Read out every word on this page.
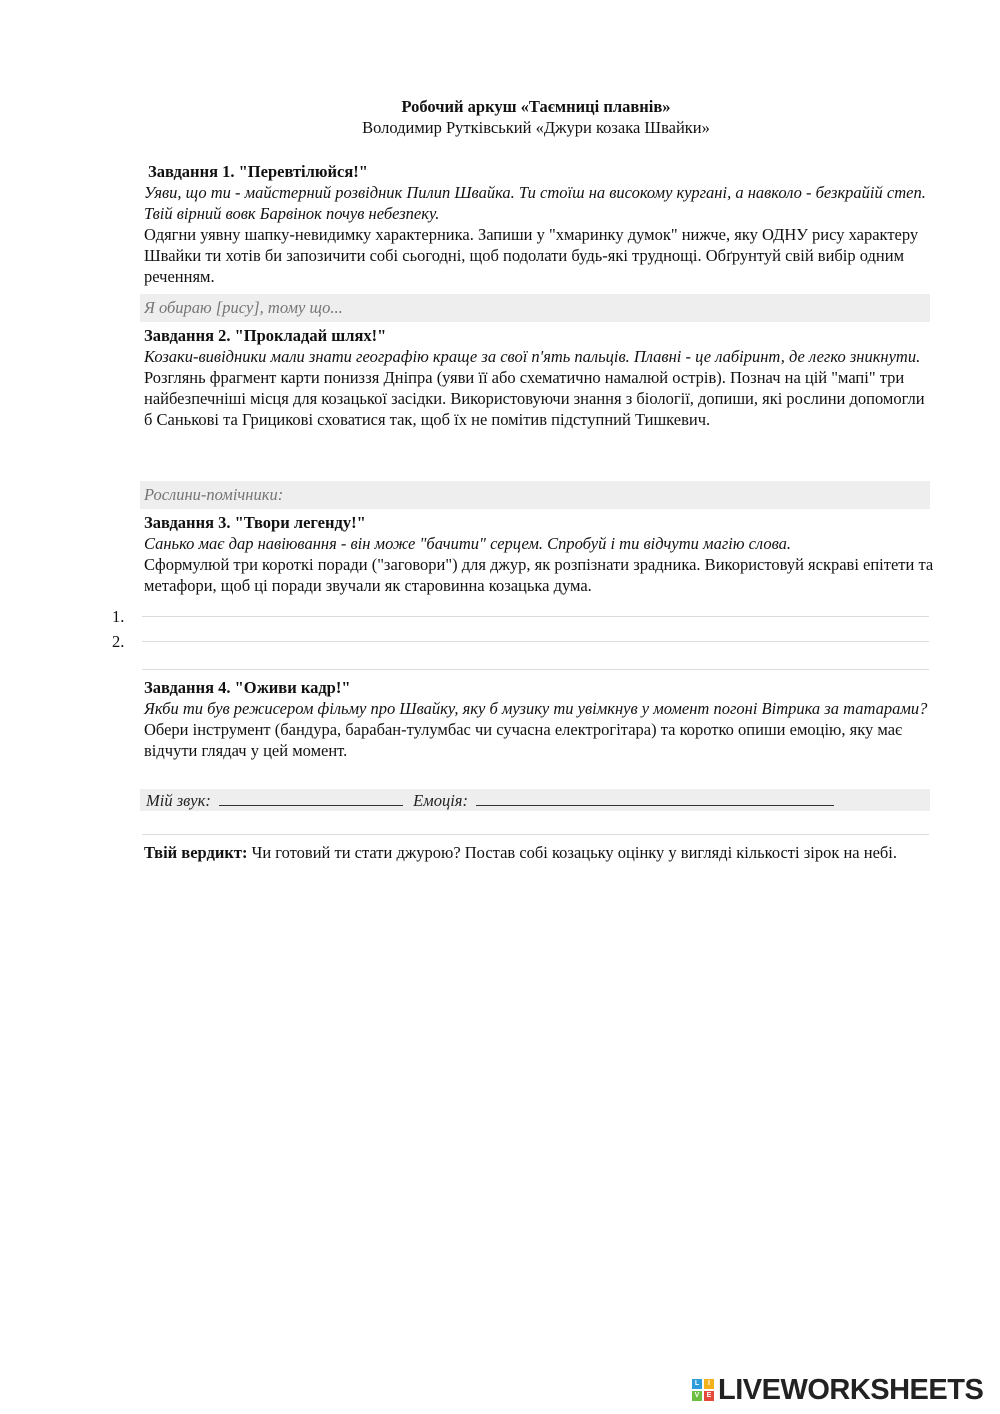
Робочий аркуш «Таємниці плавнів»
Володимир Рутківський «Джури козака Швайки»
Завдання 1. "Перевтілюйся!"
Уяви, що ти - майстерний розвідник Пилип Швайка. Ти стоїш на високому кургані, а навколо - безкрайій степ. Твій вірний вовк Барвінок почув небезпеку.
Одягни уявну шапку-невидимку характерника. Запиши у "хмаринку думок" нижче, яку ОДНУ рису характеру Швайки ти хотів би запозичити собі сьогодні, щоб подолати будь-які труднощі. Обґрунтуй свій вибір одним реченням.
Я обираю [рису], тому що...
Завдання 2. "Прокладай шлях!"
Козаки-вивідники мали знати географію краще за свої п'ять пальців. Плавні - це лабіринт, де легко зникнути.
Розглянь фрагмент карти пониззя Дніпра (уяви її або схематично намалюй острів). Познач на цій "мапі" три найбезпечніші місця для козацької засідки. Використовуючи знання з біології, допиши, які рослини допомогли б Санькові та Грицикові сховатися так, щоб їх не помітив підступний Тишкевич.
Рослини-помічники:
Завдання 3. "Твори легенду!"
Санько має дар навіювання - він може "бачити" серцем. Спробуй і ти відчути магію слова.
Сформулюй три короткі поради ("заговори") для джур, як розпізнати зрадника. Використовуй яскраві епітети та метафори, щоб ці поради звучали як старовинна козацька дума.
1.
2.
Завдання 4. "Оживи кадр!"
Якби ти був режисером фільму про Швайку, яку б музику ти увімкнув у момент погоні Вітрика за татарами?
Обери інструмент (бандура, барабан-тулумбас чи сучасна електрогітара) та коротко опиши емоцію, яку має відчути глядач у цей момент.
Мій звук:	Емоція:
Твій вердикт: Чи готовий ти стати джурою? Постав собі козацьку оцінку у вигляді кількості зірок на небі.
L	I
V	E LIVEWORKSHEETS
